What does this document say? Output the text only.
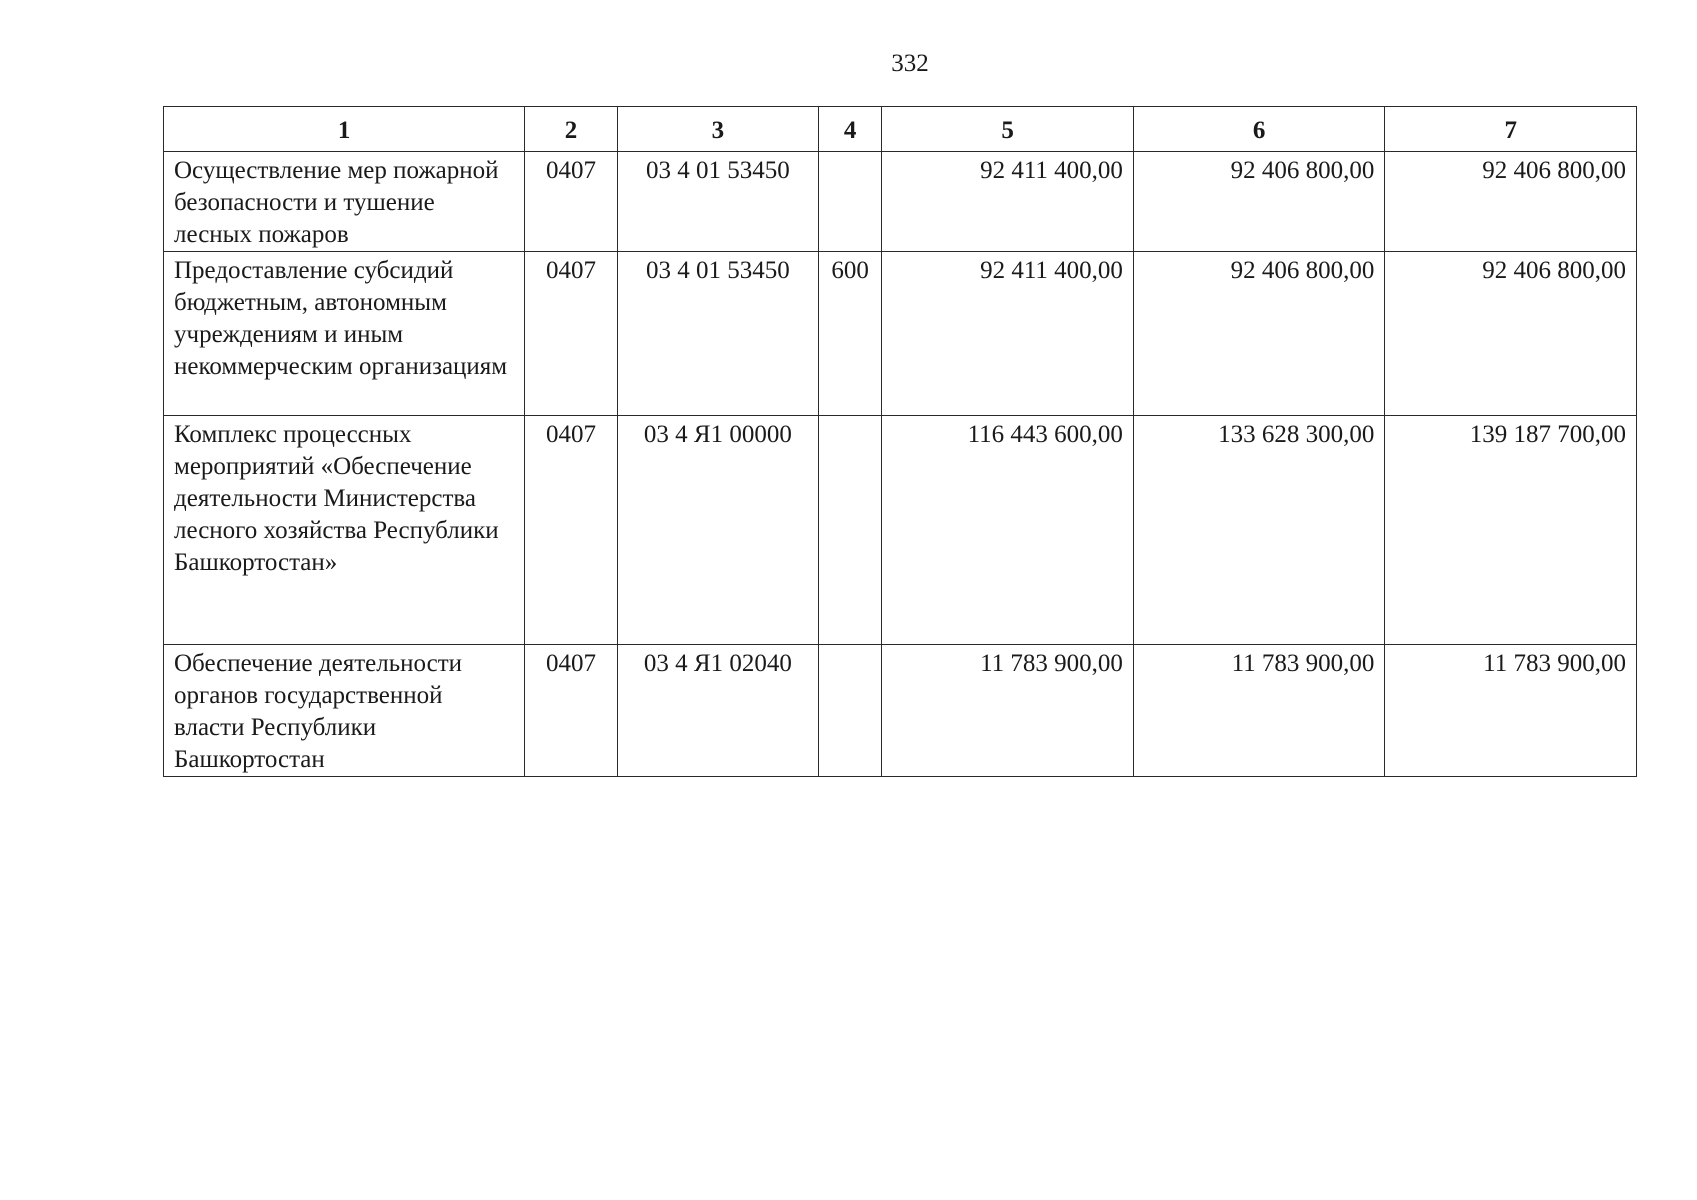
332
1	2	3	4	5	6	7
Осуществление мер пожарной безопасности и тушение лесных пожаров	0407	03 4 01 53450		92 411 400,00	92 406 800,00	92 406 800,00
Предоставление субсидий бюджетным, автономным учреждениям и иным некоммерческим организациям	0407	03 4 01 53450	600	92 411 400,00	92 406 800,00	92 406 800,00
Комплекс процессных мероприятий «Обеспечение деятельности Министерства лесного хозяйства Республики Башкортостан»	0407	03 4 Я1 00000		116 443 600,00	133 628 300,00	139 187 700,00
Обеспечение деятельности органов государственной власти Республики Башкортостан	0407	03 4 Я1 02040		11 783 900,00	11 783 900,00	11 783 900,00
